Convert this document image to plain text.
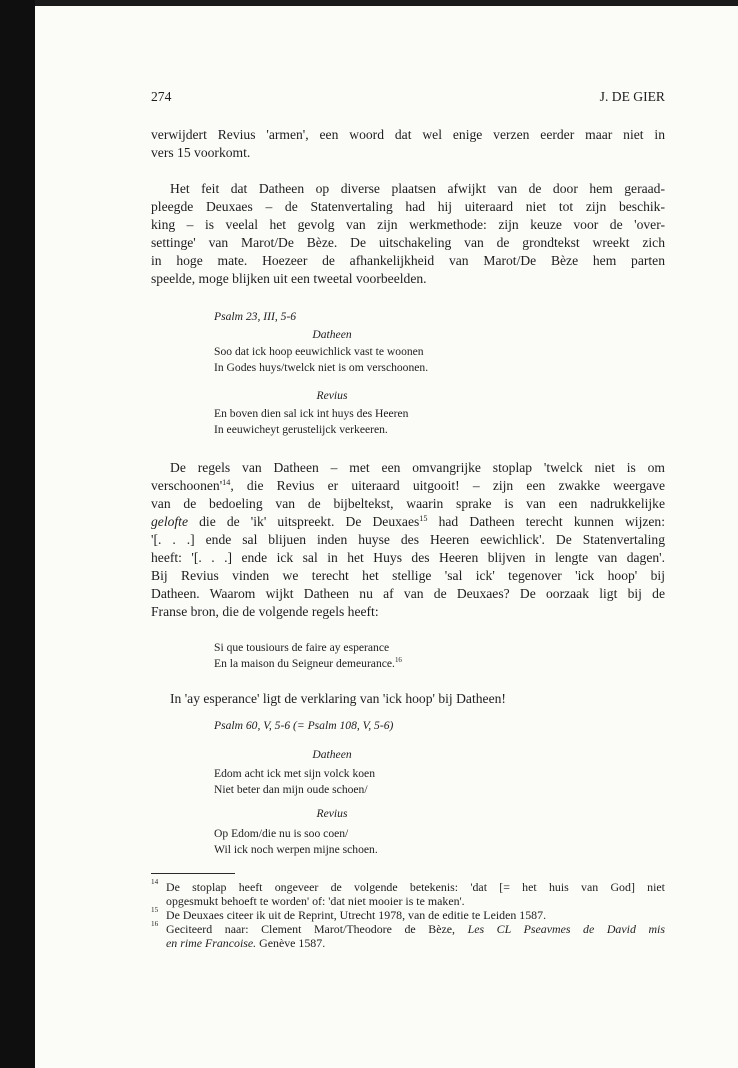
274	J. DE GIER
verwijdert Revius 'armen', een woord dat wel enige verzen eerder maar niet in
vers 15 voorkomt.
Het feit dat Datheen op diverse plaatsen afwijkt van de door hem geraad-
pleegde Deuxaes – de Statenvertaling had hij uiteraard niet tot zijn beschik-
king – is veelal het gevolg van zijn werkmethode: zijn keuze voor de 'over-
settinge' van Marot/De Bèze. De uitschakeling van de grondtekst wreekt zich
in hoge mate. Hoezeer de afhankelijkheid van Marot/De Bèze hem parten
speelde, moge blijken uit een tweetal voorbeelden.
Psalm 23, III, 5-6
Datheen
Soo dat ick hoop eeuwichlick vast te woonen
In Godes huys/twelck niet is om verschoonen.
Revius
En boven dien sal ick int huys des Heeren
In eeuwicheyt gerustelijck verkeeren.
De regels van Datheen – met een omvangrijke stoplap 'twelck niet is om
$verschoonen'^{14}$, die Revius er uiteraard uitgooit! – zijn een zwakke weergave
van de bedoeling van de bijbeltekst, waarin sprake is van een nadrukkelijke
gelofte die de 'ik' uitspreekt. De Deuxaes$^{15}$ had Datheen terecht kunnen wijzen:
'[. . .] ende sal blijuen inden huyse des Heeren eewichlick'. De Statenvertaling
heeft: '[. . .] ende ick sal in het Huys des Heeren blijven in lengte van dagen'.
Bij Revius vinden we terecht het stellige 'sal ick' tegenover 'ick hoop' bij
Datheen. Waarom wijkt Datheen nu af van de Deuxaes? De oorzaak ligt bij de
Franse bron, die de volgende regels heeft:
Si que tousiours de faire ay esperance
En la maison du Seigneur demeurance.$^{16}$
In 'ay esperance' ligt de verklaring van 'ick hoop' bij Datheen!
Psalm 60, V, 5-6 (= Psalm 108, V, 5-6)
Datheen
Edom acht ick met sijn volck koen
Niet beter dan mijn oude schoen/
Revius
Op Edom/die nu is soo coen/
Wil ick noch werpen mijne schoen.
$^{14}$ De stoplap heeft ongeveer de volgende betekenis: 'dat [= het huis van God] niet
opgesmukt behoeft te worden' of: 'dat niet mooier is te maken'.
$^{15}$ De Deuxaes citeer ik uit de Reprint, Utrecht 1978, van de editie te Leiden 1587.
$^{16}$ Geciteerd naar: Clement Marot/Theodore de Bèze, Les CL Pseavmes de David mis
en rime Francoise. Genève 1587.
